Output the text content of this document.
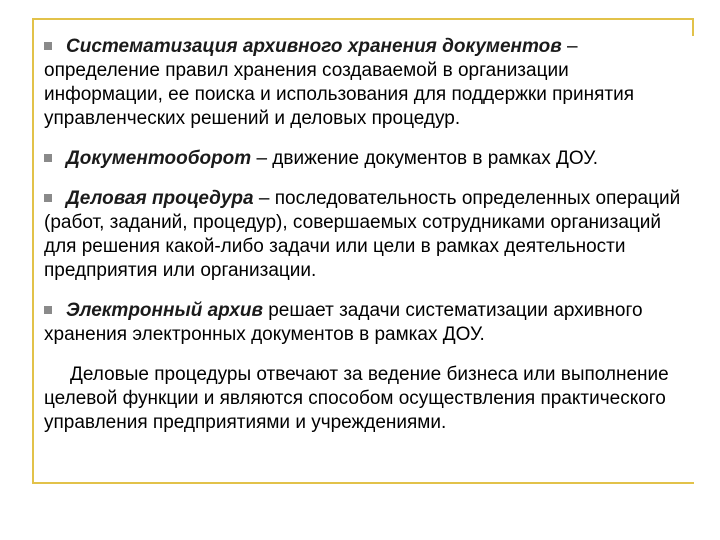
Систематизация архивного хранения документов – определение правил хранения создаваемой в организации информации, ее поиска и использования для поддержки принятия управленческих решений и деловых процедур.

Документооборот – движение документов в рамках ДОУ.

Деловая процедура – последовательность определенных операций (работ, заданий, процедур), совершаемых сотрудниками организаций для решения какой-либо задачи или цели в рамках деятельности предприятия или организации.

Электронный архив решает задачи систематизации архивного хранения электронных документов в рамках ДОУ.

Деловые процедуры отвечают за ведение бизнеса или выполнение целевой функции и являются способом осуществления практического управления предприятиями и учреждениями.
